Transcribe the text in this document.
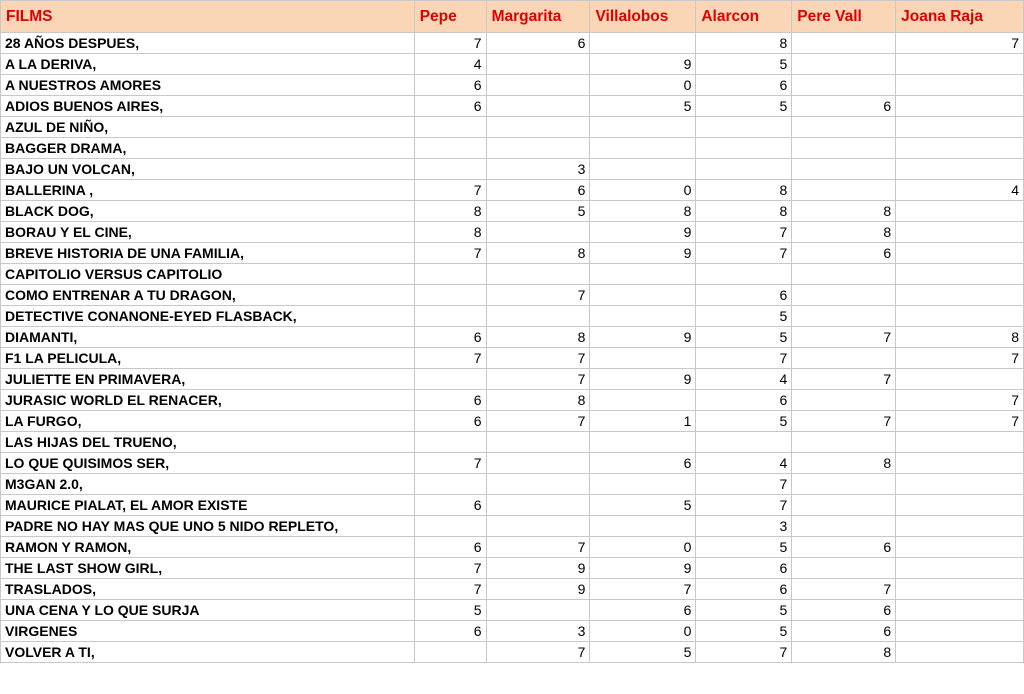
FILMS	Pepe	Margarita	Villalobos	Alarcon	Pere Vall	Joana Raja
28 AÑOS DESPUES,	7	6		8		7
A LA DERIVA,	4		9	5		
A NUESTROS AMORES	6		0	6		
ADIOS BUENOS AIRES,	6		5	5	6	
AZUL DE NIÑO,						
BAGGER DRAMA,						
BAJO UN VOLCAN,		3				
BALLERINA ,	7	6	0	8		4
BLACK DOG,	8	5	8	8	8	
BORAU Y EL CINE,	8		9	7	8	
BREVE HISTORIA DE UNA FAMILIA,	7	8	9	7	6	
CAPITOLIO VERSUS CAPITOLIO						
COMO ENTRENAR A TU DRAGON,		7		6		
DETECTIVE CONANONE-EYED FLASBACK,				5		
DIAMANTI,	6	8	9	5	7	8
F1 LA PELICULA,	7	7		7		7
JULIETTE EN PRIMAVERA,		7	9	4	7	
JURASIC WORLD EL RENACER,	6	8		6		7
LA FURGO,	6	7	1	5	7	7
LAS HIJAS DEL TRUENO,						
LO QUE QUISIMOS SER,	7		6	4	8	
M3GAN 2.0,				7		
MAURICE PIALAT, EL AMOR EXISTE	6		5	7		
PADRE NO HAY MAS QUE UNO 5 NIDO REPLETO,				3		
RAMON Y RAMON,	6	7	0	5	6	
THE LAST SHOW GIRL,	7	9	9	6		
TRASLADOS,	7	9	7	6	7	
UNA CENA Y LO QUE SURJA	5		6	5	6	
VIRGENES	6	3	0	5	6	
VOLVER A TI,		7	5	7	8	
